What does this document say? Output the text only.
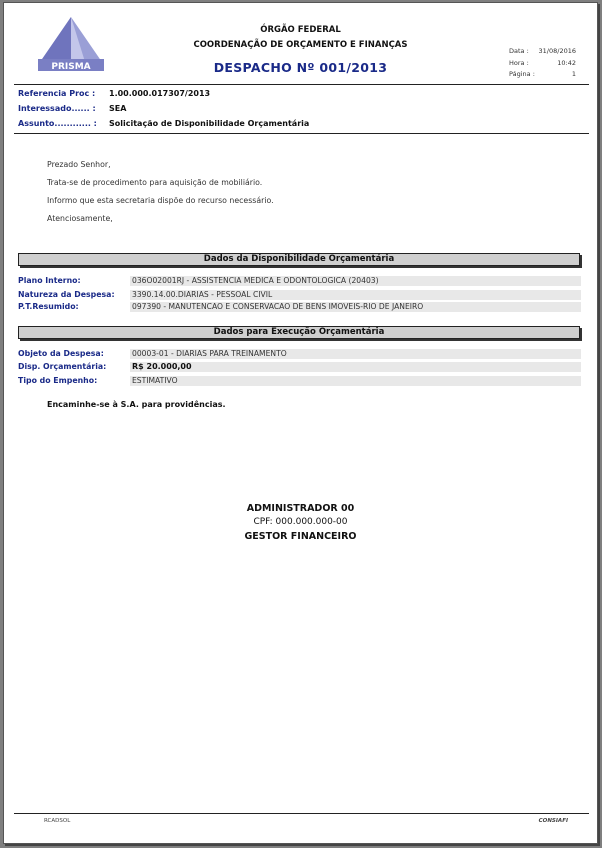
PRISMA
ÓRGÃO FEDERAL
COORDENAÇÃO DE ORÇAMENTO E FINANÇAS
DESPACHO Nº 001/2013
Data :	31/08/2016
Hora :	10:42
Página :	1
Referencia Proc : 1.00.000.017307/2013
Interessado...... : SEA
Assunto............ : Solicitação de Disponibilidade Orçamentária
Prezado Senhor,
Trata-se de procedimento para aquisição de mobiliário.
Informo que esta secretaria dispõe do recurso necessário.
Atenciosamente,
Dados da Disponibilidade Orçamentária
Plano Interno:	036O02001RJ - ASSISTENCIA MEDICA E ODONTOLOGICA (20403)
Natureza da Despesa: 3390.14.00.DIARIAS - PESSOAL CIVIL
P.T.Resumido:	097390 - MANUTENCAO E CONSERVACAO DE BENS IMOVEIS-RIO DE JANEIRO
Dados para Execução Orçamentária
Objeto da Despesa:	00003-01 - DIARIAS PARA TREINAMENTO
Disp. Orçamentária:	R$ 20.000,00
Tipo do Empenho:	ESTIMATIVO
Encaminhe-se à S.A. para providências.
ADMINISTRADOR 00
CPF: 000.000.000-00
GESTOR FINANCEIRO
RCADSOL	CONSIAFI
